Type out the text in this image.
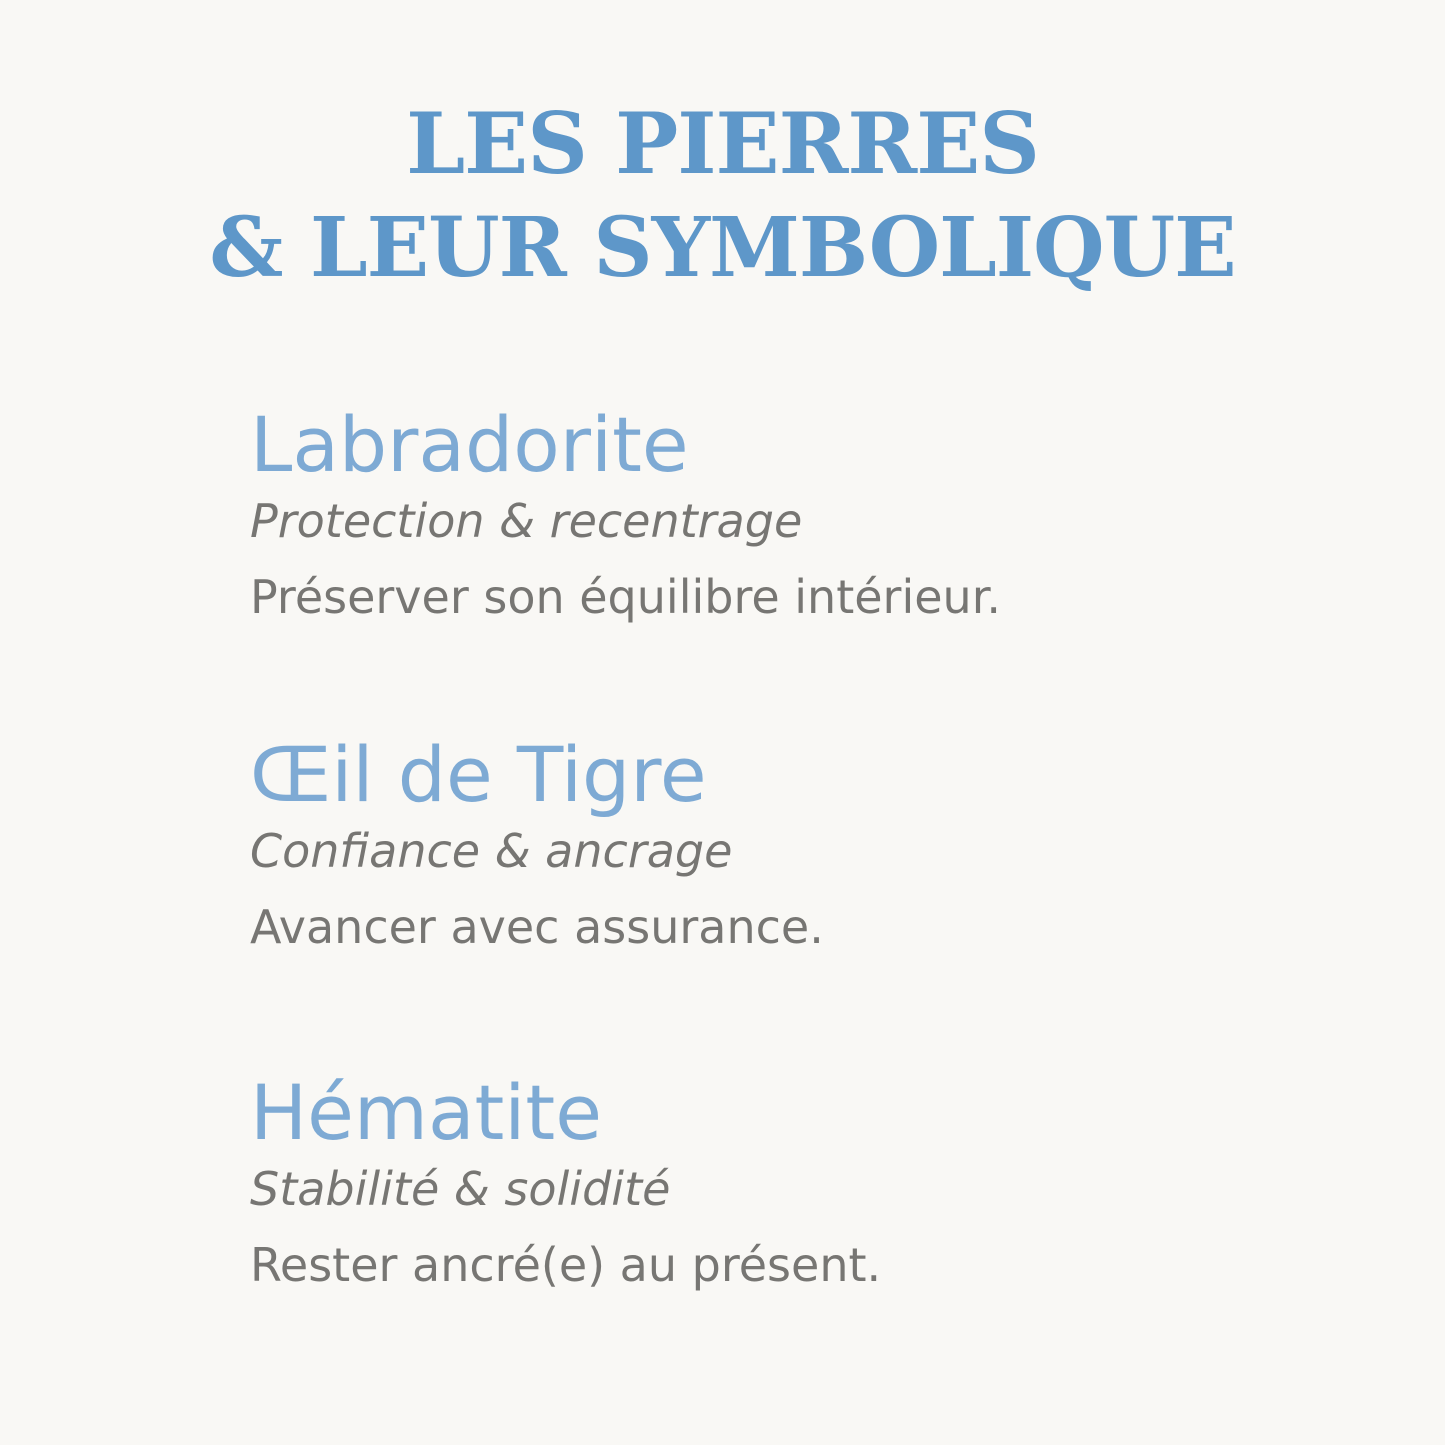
LES PIERRES
& LEUR SYMBOLIQUE

Labradorite

Protection & recentrage

Préserver son équilibre intérieur.

Œil de Tigre

Confiance & ancrage

Avancer avec assurance.

Hématite

Stabilité & solidité

Rester ancré(e) au présent.
